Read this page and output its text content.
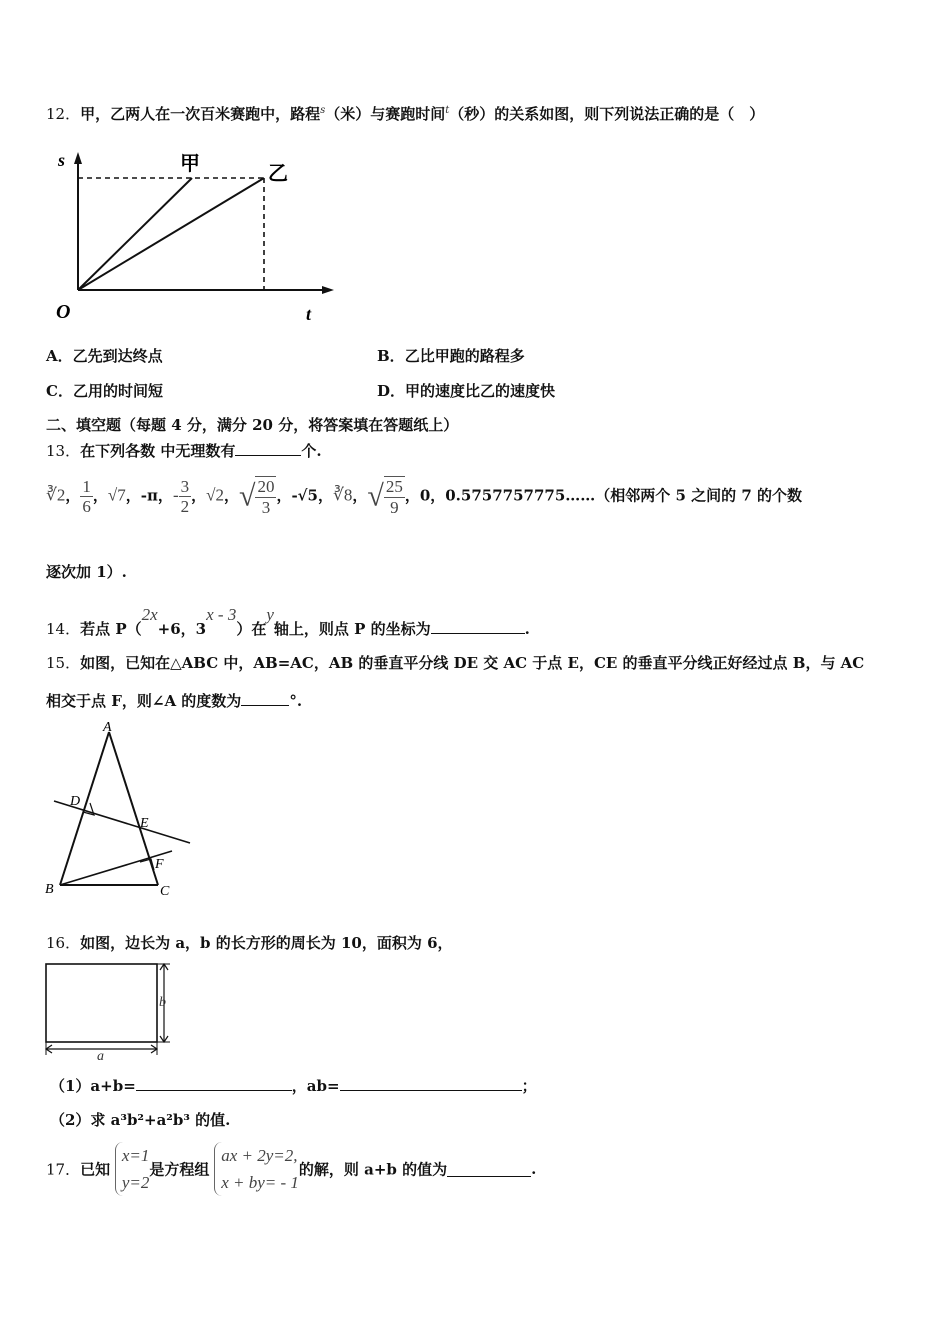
12．甲，乙两人在一次百米赛跑中，路程$^s$（米）与赛跑时间$^t$（秒）的关系如图，则下列说法正确的是（　）
s
t
O
甲	乙
A．乙先到达终点	B．乙比甲跑的路程多
C．乙用的时间短	D．甲的速度比乙的速度快
二、填空题（每题 4 分，满分 20 分，将答案填在答题纸上）
13．在下列各数 中无理数有	个.
∛2， $\frac{1}{6}$ ，√7，-π，- $\frac{3}{2}$ ，√2，√ $\frac{20}{3}$ ，-√5，∛8，√ $\frac{25}{9}$ ，0，0.5757757775……（相邻两个 5 之间的 7 的个数
逐次加 1）.
14．若点 P（2x+6，3x - 3）在y轴上，则点 P 的坐标为	.
15．如图，已知在△ABC 中，AB=AC，AB 的垂直平分线 DE 交 AC 于点 E，CE 的垂直平分线正好经过点 B，与 AC
相交于点 F，则∠A 的度数为	°.
A
B	C
D
E
F
16．如图，边长为 a，b 的长方形的周长为 10，面积为 6，
a
b
（1）a+b=	，ab=	；
（2）求 a³b²+a²b³ 的值.
17．已知
x=1
y=2
是方程组
ax + 2y=2,
x + by= - 1
的解，则 a+b 的值为	.
